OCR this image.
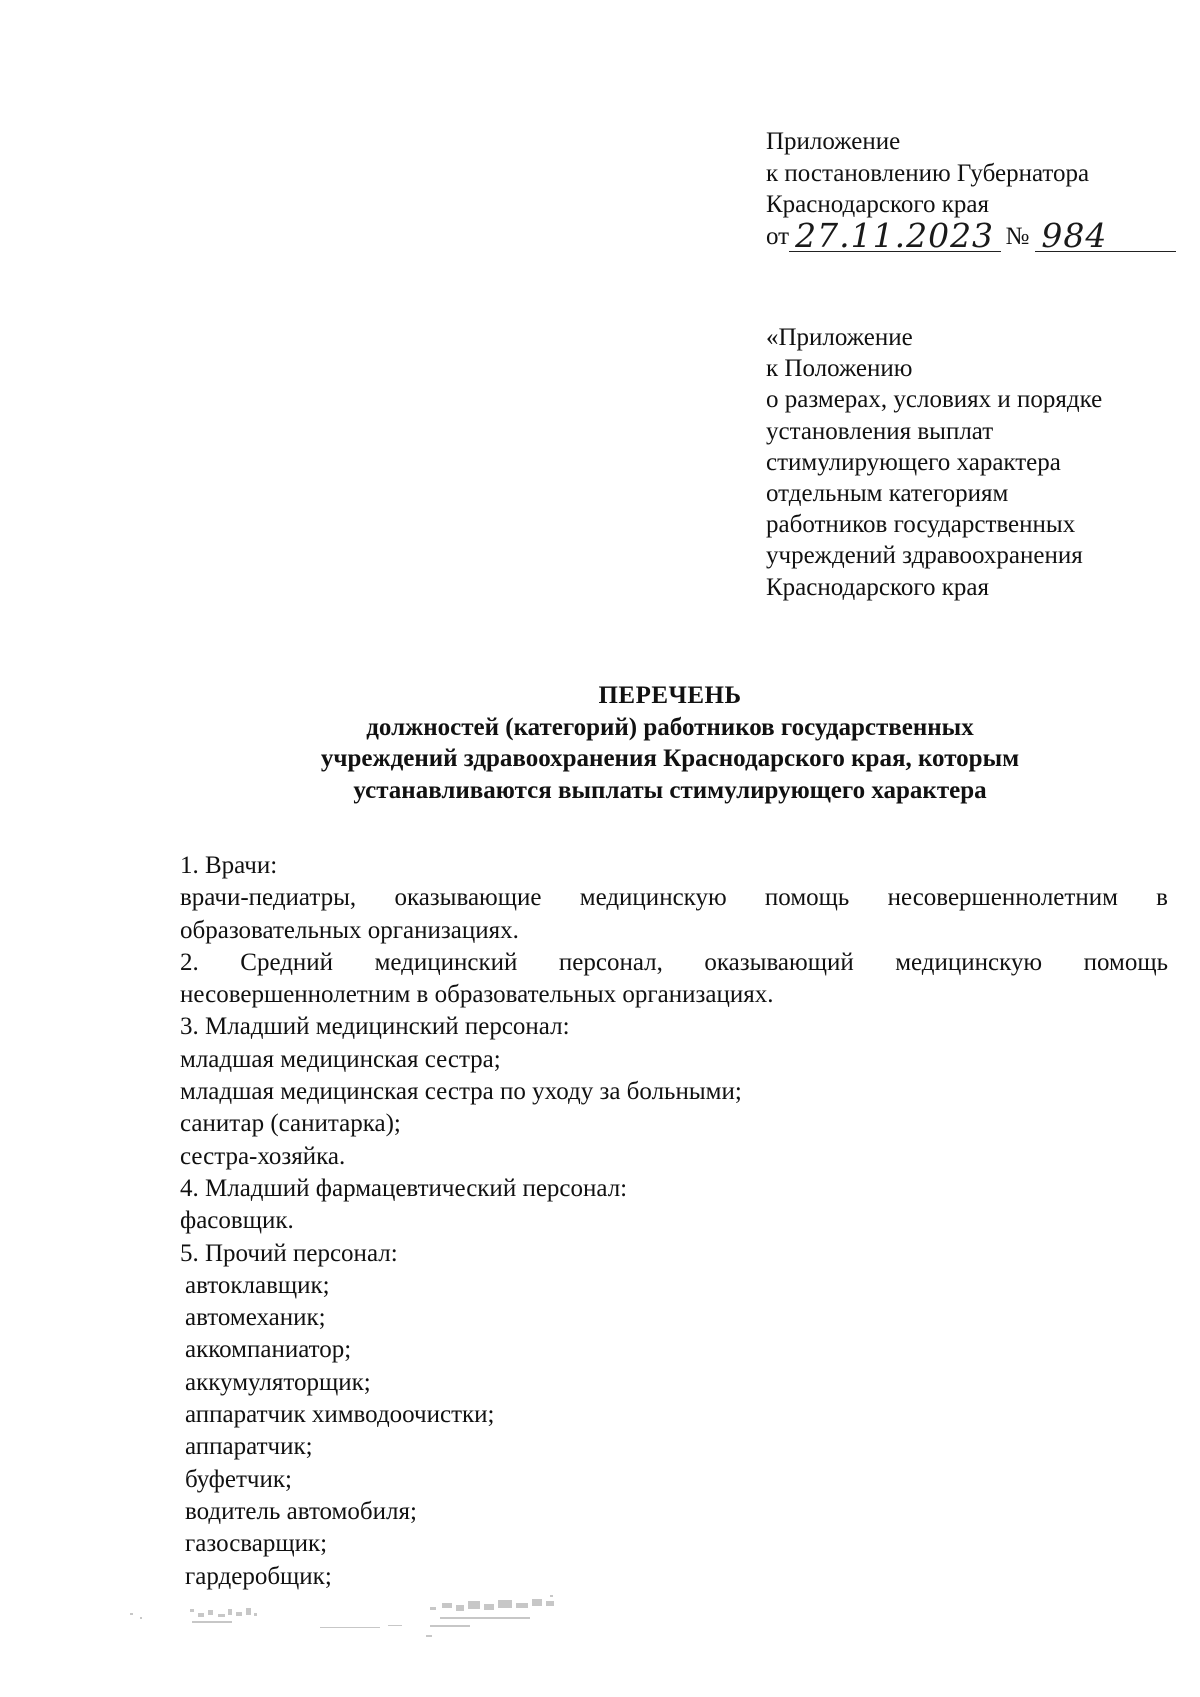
Приложение
к постановлению Губернатора
Краснодарского края
от 27.11.2023 № 984
«Приложение
к Положению
о размерах, условиях и порядке
установления выплат
стимулирующего характера
отдельным категориям
работников государственных
учреждений здравоохранения
Краснодарского края
ПЕРЕЧЕНЬ
должностей (категорий) работников государственных
учреждений здравоохранения Краснодарского края, которым
устанавливаются выплаты стимулирующего характера
1. Врачи:
врачи-педиатры, оказывающие медицинскую помощь несовершеннолетним в образовательных организациях.
2. Средний медицинский персонал, оказывающий медицинскую помощь несовершеннолетним в образовательных организациях.
3. Младший медицинский персонал:
младшая медицинская сестра;
младшая медицинская сестра по уходу за больными;
санитар (санитарка);
сестра-хозяйка.
4. Младший фармацевтический персонал:
фасовщик.
5. Прочий персонал:
автоклавщик;
автомеханик;
аккомпаниатор;
аккумуляторщик;
аппаратчик химводоочистки;
аппаратчик;
буфетчик;
водитель автомобиля;
газосварщик;
гардеробщик;
